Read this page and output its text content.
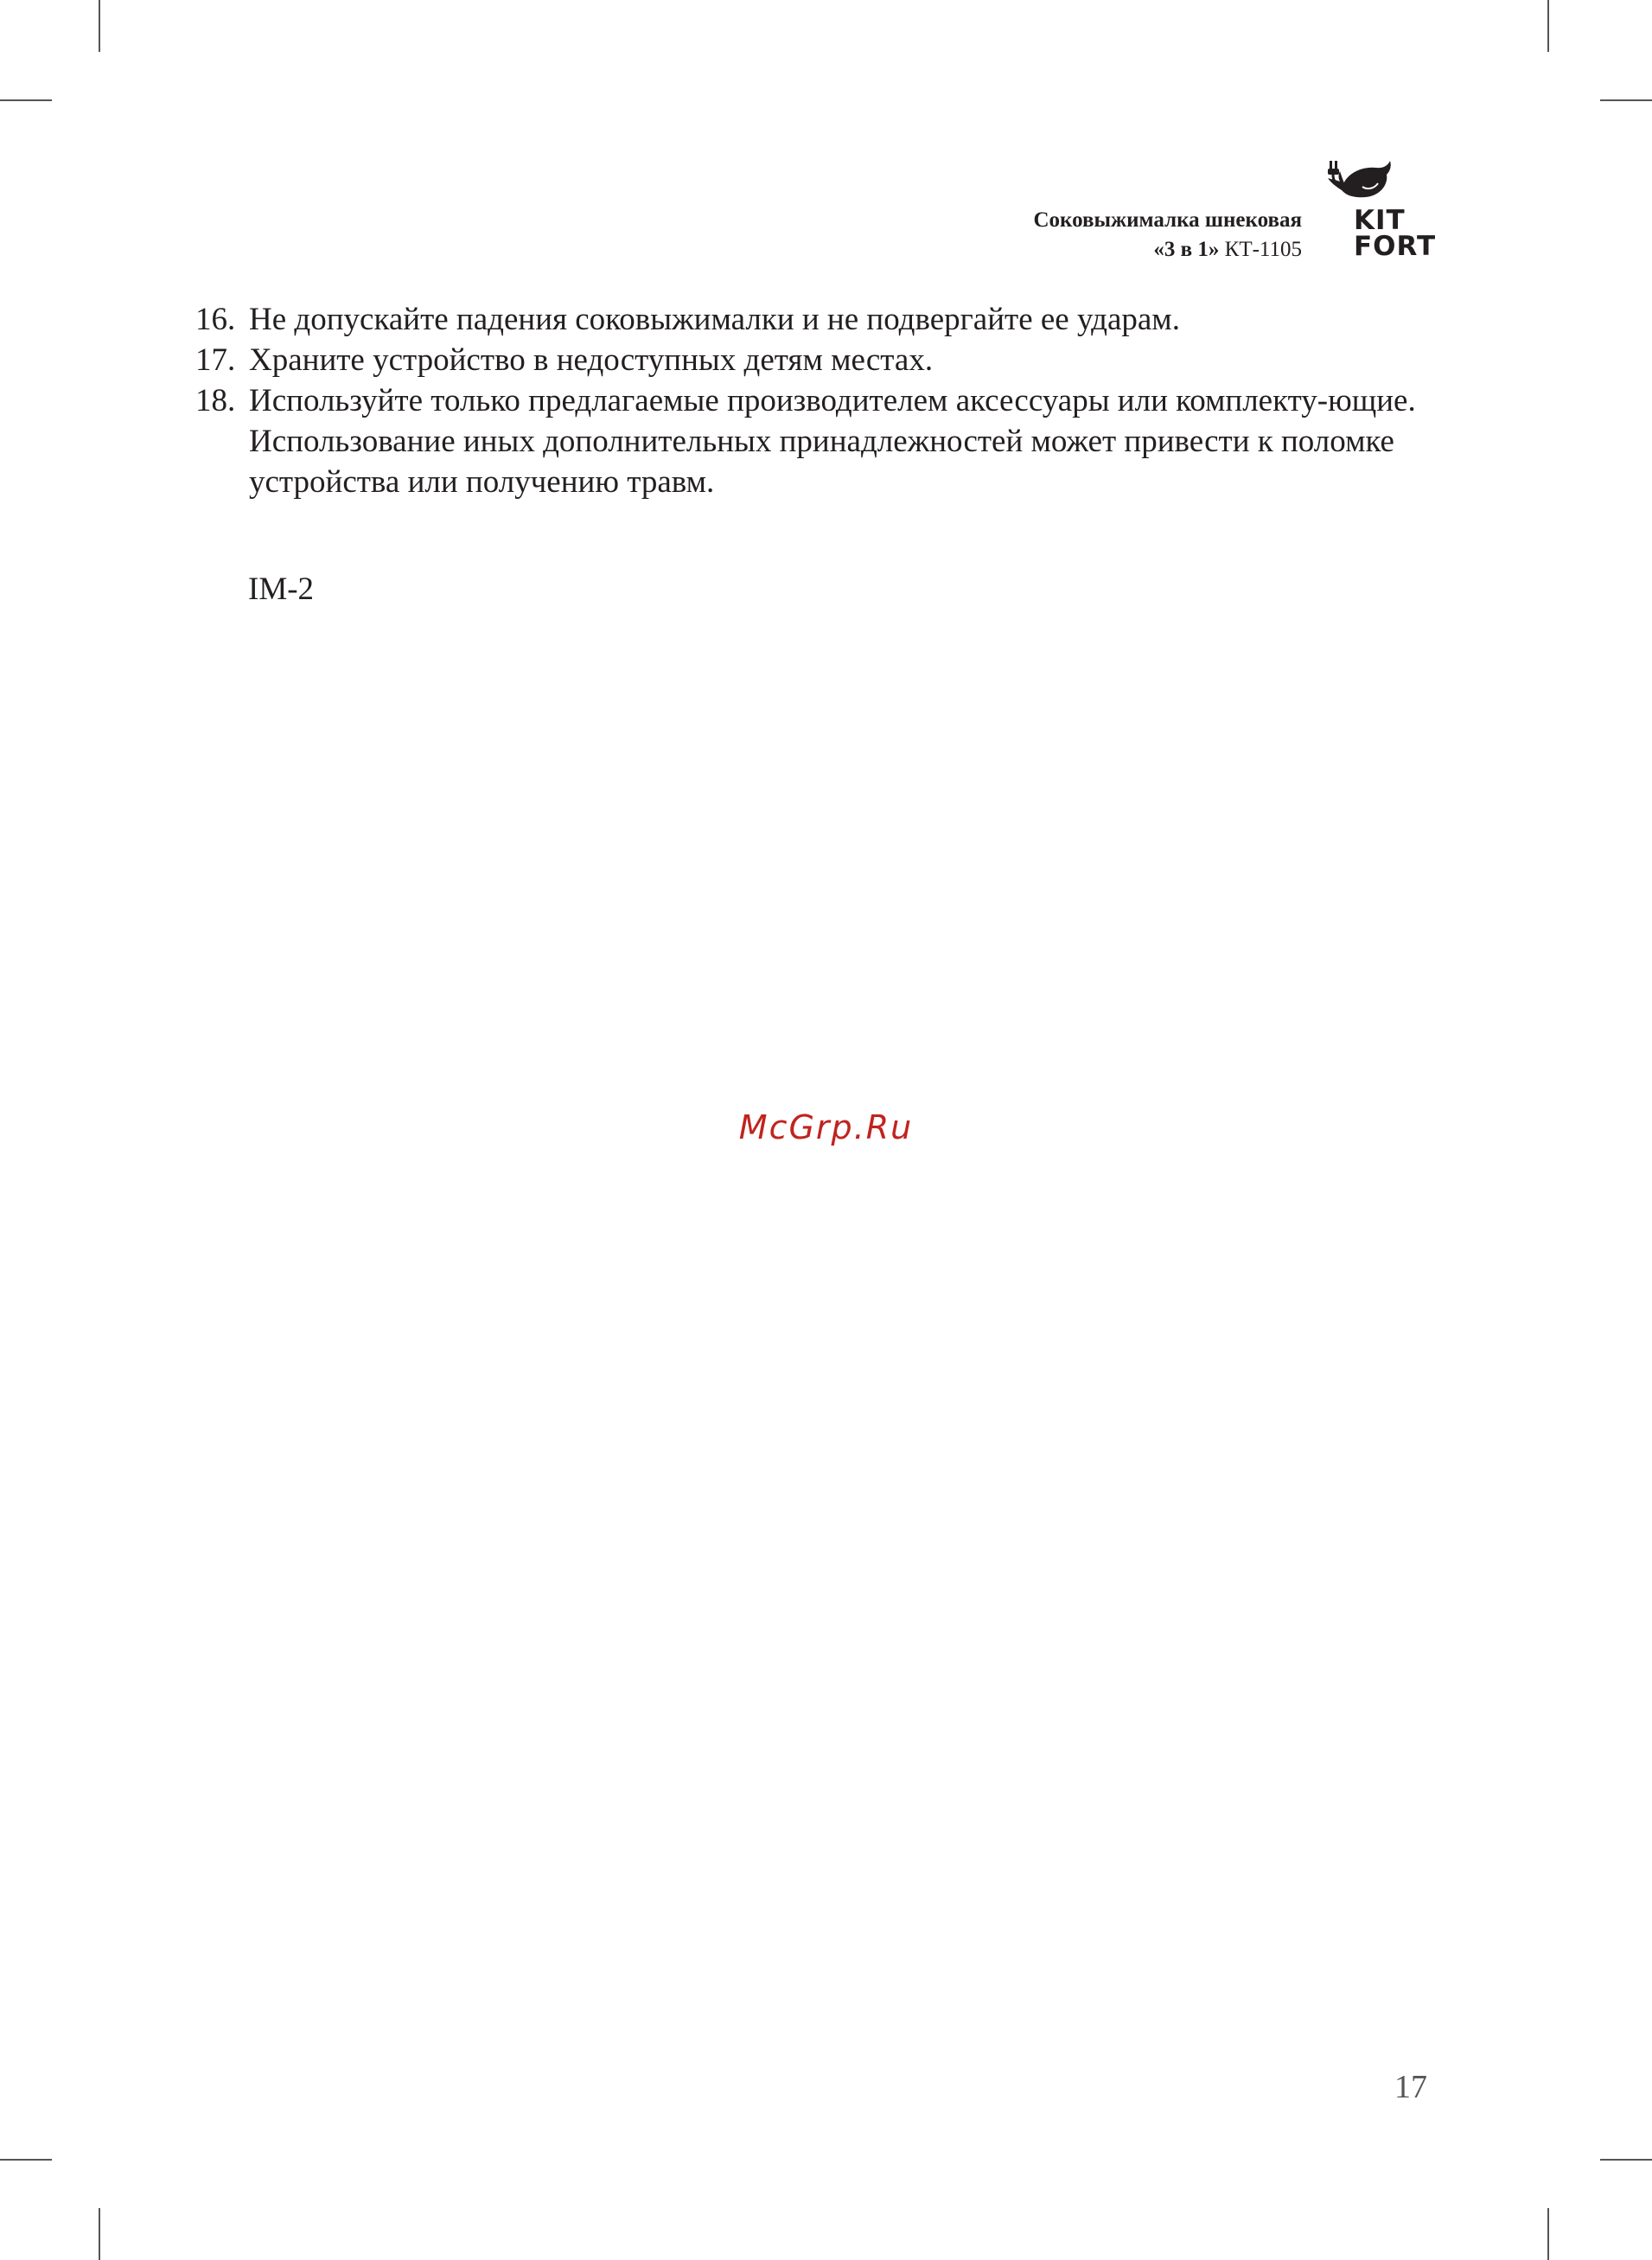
Соковыжималка шнековая
«3 в 1» КТ-1105
KIT
FORT
16. Не допускайте падения соковыжималки и не подвергайте ее ударам.
17. Храните устройство в недоступных детям местах.
18. Используйте только предлагаемые производителем аксессуары или комплекту-ющие. Использование иных дополнительных принадлежностей может привести к поломке устройства или получению травм.
IM-2
McGrp.Ru
17
